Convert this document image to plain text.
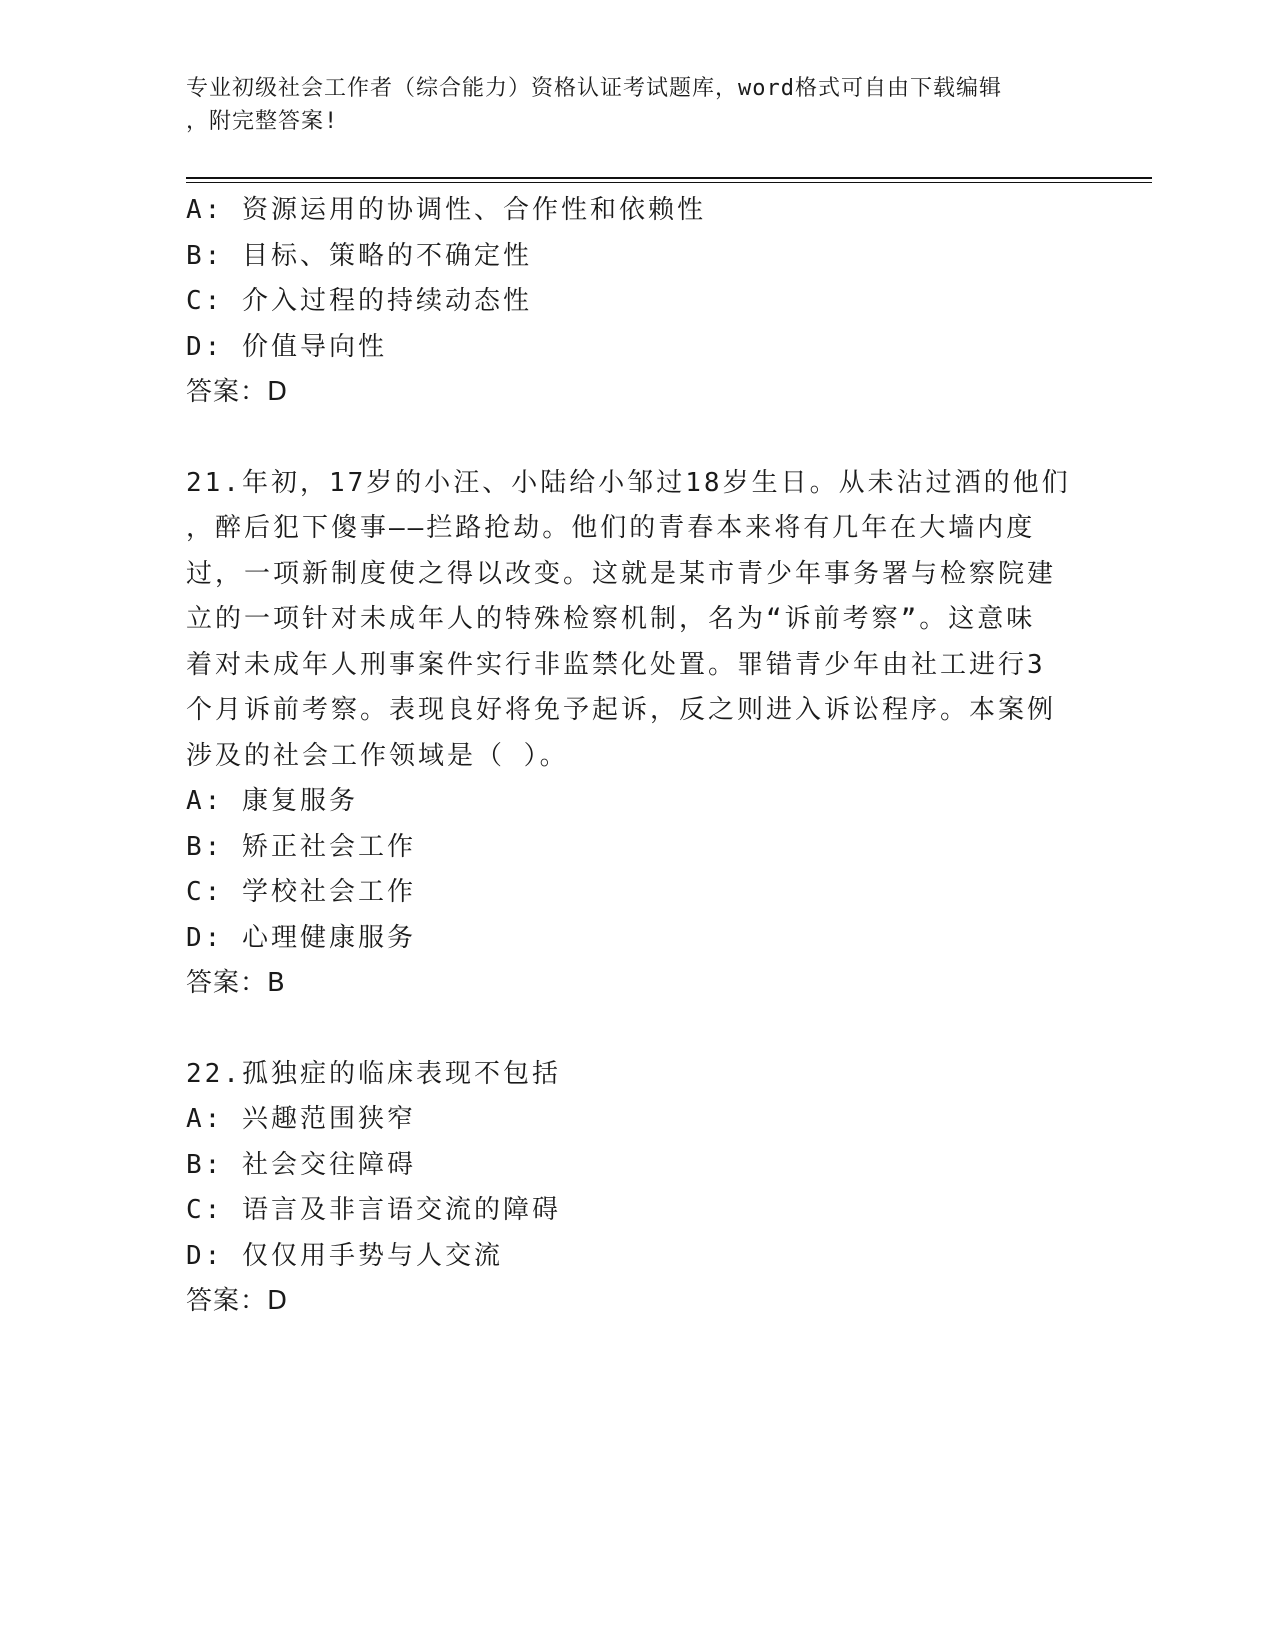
专业初级社会工作者（综合能力）资格认证考试题库，word格式可自由下载编辑
，附完整答案!

A: 资源运用的协调性、合作性和依赖性

B: 目标、策略的不确定性

C: 介入过程的持续动态性

D: 价值导向性

答案：D

21.年初，17岁的小汪、小陆给小邹过18岁生日。从未沾过酒的他们

，醉后犯下傻事——拦路抢劫。他们的青春本来将有几年在大墙内度

过，一项新制度使之得以改变。这就是某市青少年事务署与检察院建

立的一项针对未成年人的特殊检察机制，名为“诉前考察”。这意味

着对未成年人刑事案件实行非监禁化处置。罪错青少年由社工进行3

个月诉前考察。表现良好将免予起诉，反之则进入诉讼程序。本案例

涉及的社会工作领域是（ ）。

A: 康复服务

B: 矫正社会工作

C: 学校社会工作

D: 心理健康服务

答案：B

22.孤独症的临床表现不包括

A: 兴趣范围狭窄

B: 社会交往障碍

C: 语言及非言语交流的障碍

D: 仅仅用手势与人交流

答案：D
